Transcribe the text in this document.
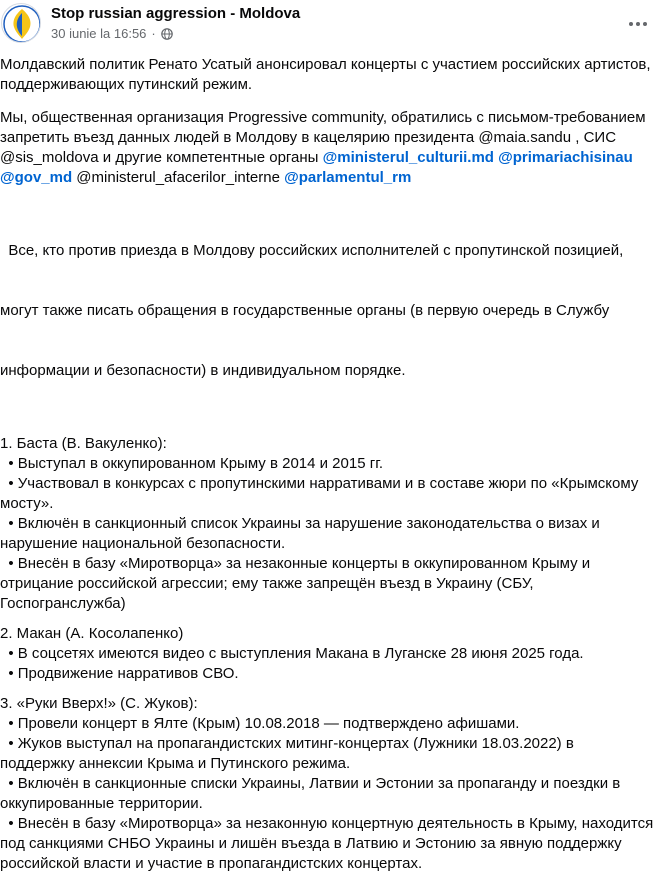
Stop russian aggression - Moldova
30 iunie la 16:56 ·
Молдавский политик Ренато Усатый анонсировал концерты с участием российских артистов,
поддерживающих путинский режим.
Мы, общественная организация Progressive community, обратились с письмом-требованием
запретить въезд данных людей в Молдову в кацелярию президента @maia.sandu , СИС
@sis_moldova и другие компетентные органы @ministerul_culturii.md @primariachisinau
@gov_md @ministerul_afacerilor_interne @parlamentul_rm

Все, кто против приезда в Молдову российских исполнителей с пропутинской позицией,

могут также писать обращения в государственные органы (в первую очередь в Службу

информации и безопасности) в индивидуальном порядке.

1. Баста (В. Вакуленко):
• Выступал в оккупированном Крыму в 2014 и 2015 гг.
• Участвовал в конкурсах с пропутинскими нарративами и в составе жюри по «Крымскому
мосту».
• Включён в санкционный список Украины за нарушение законодательства о визах и
нарушение национальной безопасности.
• Внесён в базу «Миротворца» за незаконные концерты в оккупированном Крыму и
отрицание российской агрессии; ему также запрещён въезд в Украину (СБУ,
Госпогранслужба)
2. Макан (А. Косолапенко)
• В соцсетях имеются видео с выступления Макана в Луганске 28 июня 2025 года.
• Продвижение нарративов СВО.
3. «Руки Вверх!» (С. Жуков):
• Провели концерт в Ялте (Крым) 10.08.2018 — подтверждено афишами.
• Жуков выступал на пропагандистских митинг-концертах (Лужники 18.03.2022) в
поддержку аннексии Крыма и Путинского режима.
• Включён в санкционные списки Украины, Латвии и Эстонии за пропаганду и поездки в
оккупированные территории.
• Внесён в базу «Миротворца» за незаконную концертную деятельность в Крыму, находится
под санкциями СНБО Украины и лишён въезда в Латвию и Эстонию за явную поддержку
российской власти и участие в пропагандистских концертах.
